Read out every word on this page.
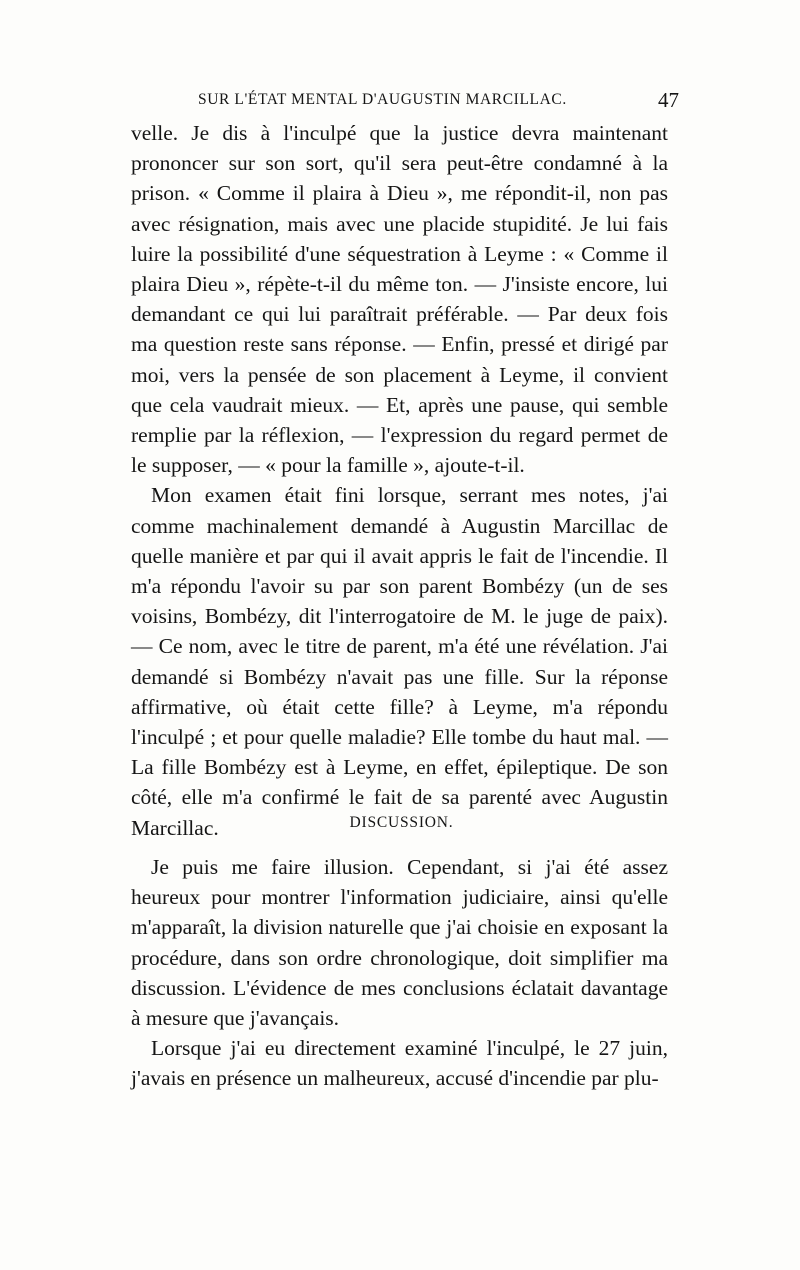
SUR L'ÉTAT MENTAL D'AUGUSTIN MARCILLAC.	47

velle. Je dis à l'inculpé que la justice devra maintenant prononcer sur son sort, qu'il sera peut-être condamné à la prison. « Comme il plaira à Dieu », me répondit-il, non pas avec résignation, mais avec une placide stupidité. Je lui fais luire la possibilité d'une séquestration à Leyme : « Comme il plaira Dieu », répète-t-il du même ton. — J'insiste encore, lui demandant ce qui lui paraîtrait préférable. — Par deux fois ma question reste sans réponse. — Enfin, pressé et dirigé par moi, vers la pensée de son placement à Leyme, il convient que cela vaudrait mieux. — Et, après une pause, qui semble remplie par la réflexion, — l'expression du regard permet de le supposer, — « pour la famille », ajoute-t-il.

Mon examen était fini lorsque, serrant mes notes, j'ai comme machinalement demandé à Augustin Marcillac de quelle manière et par qui il avait appris le fait de l'incendie. Il m'a répondu l'avoir su par son parent Bombézy (un de ses voisins, Bombézy, dit l'interrogatoire de M. le juge de paix). — Ce nom, avec le titre de parent, m'a été une révélation. J'ai demandé si Bombézy n'avait pas une fille. Sur la réponse affirmative, où était cette fille? à Leyme, m'a répondu l'inculpé ; et pour quelle maladie? Elle tombe du haut mal. — La fille Bombézy est à Leyme, en effet, épileptique. De son côté, elle m'a confirmé le fait de sa parenté avec Augustin Marcillac.	DISCUSSION.

Je puis me faire illusion. Cependant, si j'ai été assez heureux pour montrer l'information judiciaire, ainsi qu'elle m'apparaît, la division naturelle que j'ai choisie en exposant la procédure, dans son ordre chronologique, doit simplifier ma discussion. L'évidence de mes conclusions éclatait davantage à mesure que j'avançais.

Lorsque j'ai eu directement examiné l'inculpé, le 27 juin, j'avais en présence un malheureux, accusé d'incendie par plu-
